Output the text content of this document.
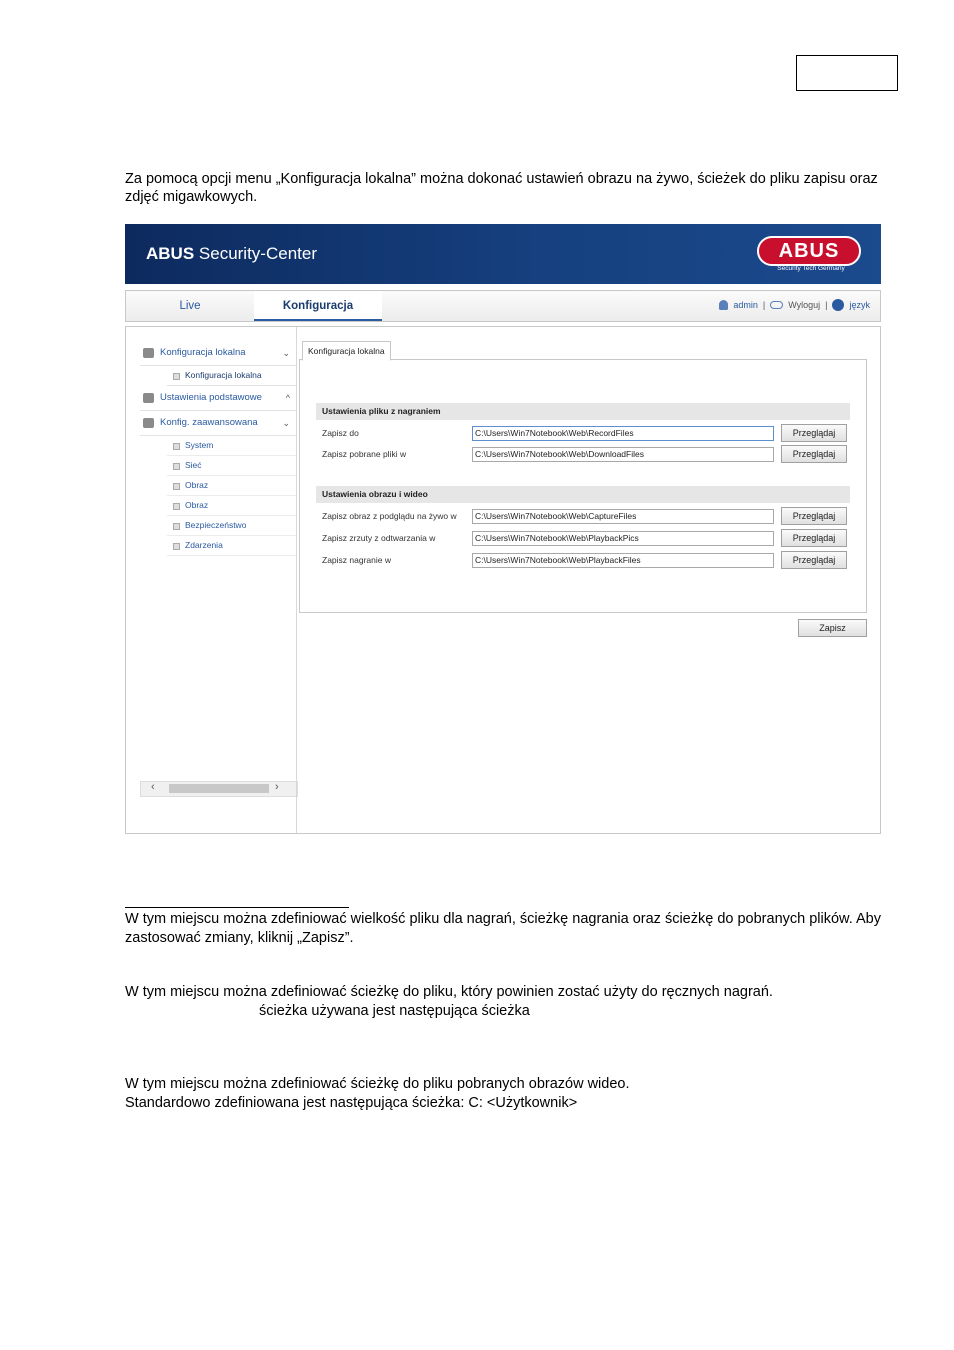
Za pomocą opcji menu „Konfiguracja lokalna” można dokonać ustawień obrazu na żywo, ścieżek do pliku zapisu oraz zdjęć migawkowych.
ABUS Security-Center	ABUS
Security Tech Germany
Live	Konfiguracja	admin |	Wyloguj | język
Konfiguracja lokalna	⌄
Konfiguracja lokalna
Ustawienia podstawowe	^
Konfig. zaawansowana	⌄
System
Sieć
Obraz
Obraz
Bezpieczeństwo
Zdarzenia
‹	›
Konfiguracja lokalna
Ustawienia pliku z nagraniem
Zapisz do	C:\Users\Win7Notebook\Web\RecordFiles	Przeglądaj
Zapisz pobrane pliki w	C:\Users\Win7Notebook\Web\DownloadFiles	Przeglądaj
Ustawienia obrazu i wideo
Zapisz obraz z podglądu na żywo w	C:\Users\Win7Notebook\Web\CaptureFiles	Przeglądaj
Zapisz zrzuty z odtwarzania w	C:\Users\Win7Notebook\Web\PlaybackPics	Przeglądaj
Zapisz nagranie w	C:\Users\Win7Notebook\Web\PlaybackFiles	Przeglądaj
Zapisz
W tym miejscu można zdefiniować wielkość pliku dla nagrań, ścieżkę nagrania oraz ścieżkę do pobranych plików. Aby zastosować zmiany, kliknij „Zapisz”.
W tym miejscu można zdefiniować ścieżkę do pliku, który powinien zostać użyty do ręcznych nagrań.
ścieżka używana jest następująca ścieżka
W tym miejscu można zdefiniować ścieżkę do pliku pobranych obrazów wideo.
Standardowo zdefiniowana jest następująca ścieżka: C: <Użytkownik>
